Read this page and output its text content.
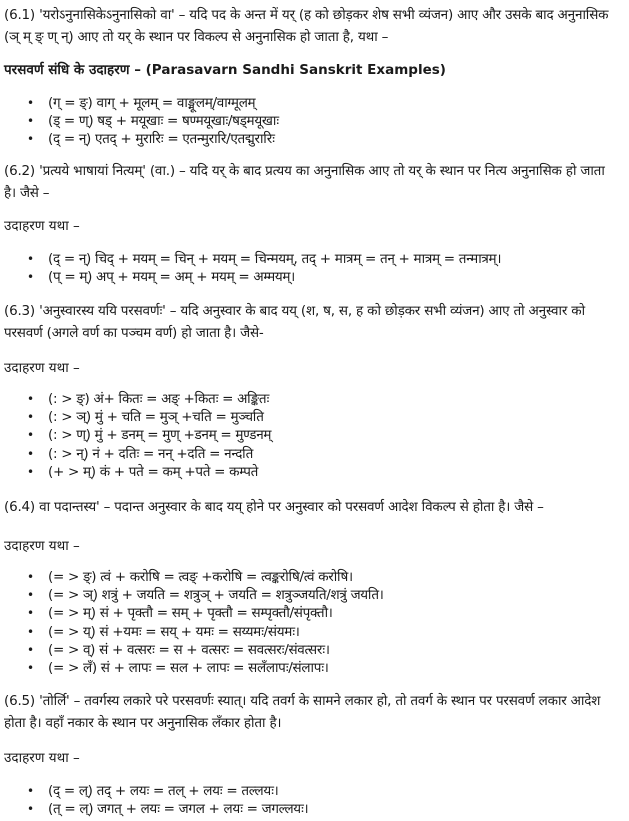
(6.1) 'यरोऽनुनासिकेऽनुनासिको वा' – यदि पद के अन्त में यर् (ह को छोड़कर शेष सभी व्यंजन) आए और उसके बाद अनुनासिक (ञ् म् ङ् ण् न्) आए तो यर् के स्थान पर विकल्प से अनुनासिक हो जाता है, यथा –

परसवर्ण संधि के उदाहरण – (Parasavarn Sandhi Sanskrit Examples)

• (ग् = ङ्) वाग् + मूलम् = वाङ्मूलम्/वाग्मूलम्
• (ड् = ण्) षड् + मयूखाः = षण्मयूखाः/षड्मयूखाः
• (द् = न्) एतद् + मुरारिः = एतन्मुरारि/एतद्मुरारिः

(6.2) 'प्रत्यये भाषायां नित्यम्' (वा.) – यदि यर् के बाद प्रत्यय का अनुनासिक आए तो यर् के स्थान पर नित्य अनुनासिक हो जाता है। जैसे –

उदाहरण यथा –

• (द् = न्) चिद् + मयम् = चिन् + मयम् = चिन्मयम्, तद् + मात्रम् = तन् + मात्रम् = तन्मात्रम्।
• (प् = म्) अप् + मयम् = अम् + मयम् = अम्मयम्।

(6.3) 'अनुस्वारस्य ययि परसवर्णः' – यदि अनुस्वार के बाद यय् (श, ष, स, ह को छोड़कर सभी व्यंजन) आए तो अनुस्वार को परसवर्ण (अगले वर्ण का पञ्चम वर्ण) हो जाता है। जैसे-

उदाहरण यथा –

• (: > ङ्) अं+ कितः = अङ् +कितः = अङ्कितः
• (: > ञ्) मुं + चति = मुञ् +चति = मुञ्चति
• (: > ण्) मुं + डनम् = मुण् +डनम् = मुण्डनम्
• (: > न्) नं + दतिः = नन् +दति = नन्दति
• (+ > म्) कं + पते = कम् +पते = कम्पते

(6.4) वा पदान्तस्य' – पदान्त अनुस्वार के बाद यय् होने पर अनुस्वार को परसवर्ण आदेश विकल्प से होता है। जैसे –

उदाहरण यथा –

• (= > ङ्) त्वं + करोषि = त्वङ् +करोषि = त्वङ्करोषि/त्वं करोषि।
• (= > ञ्) शत्रुं + जयति = शत्रुञ् + जयति = शत्रुञ्जयति/शत्रुं जयति।
• (= > म्) सं + पृक्तौ = सम् + पृक्तौ = सम्पृक्तौ/संपृक्तौ।
• (= > य्) सं +यमः = सय् + यमः = सय्यमः/संयमः।
• (= > व्) सं + वत्सरः = स + वत्सरः = सवत्सरः/संवत्सरः।
• (= > लँ) सं + लापः = सल + लापः = सलँलापः/संलापः।

(6.5) 'तोर्लि' – तवर्गस्य लकारे परे परसवर्णः स्यात्। यदि तवर्ग के सामने लकार हो, तो तवर्ग के स्थान पर परसवर्ण लकार आदेश होता है। वहाँ नकार के स्थान पर अनुनासिक लँकार होता है।

उदाहरण यथा –

• (द् = ल्) तद् + लयः = तल् + लयः = तल्लयः।
• (त् = ल्) जगत् + लयः = जगल + लयः = जगल्लयः।
